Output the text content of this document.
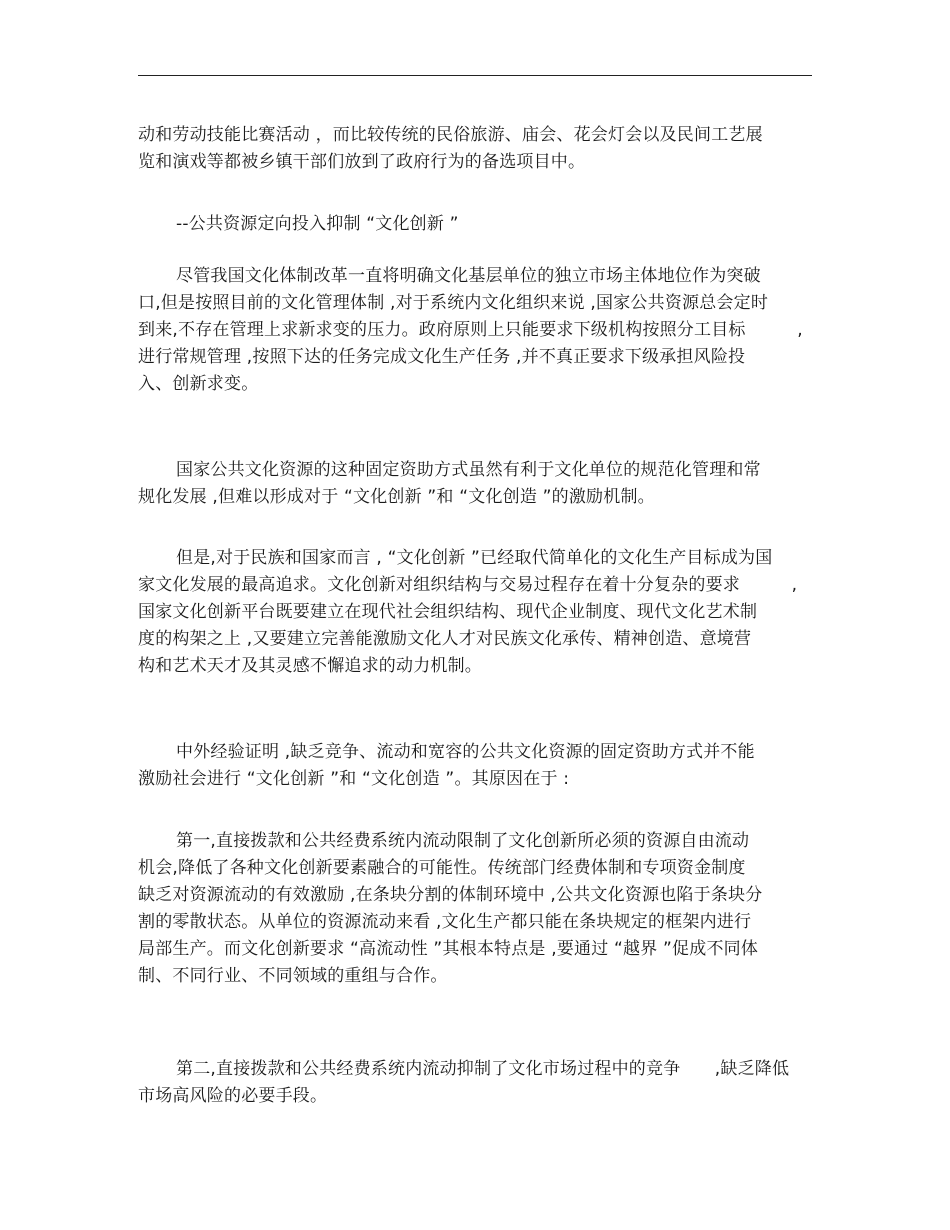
动和劳动技能比赛活动 ，而比较传统的民俗旅游、庙会、花会灯会以及民间工艺展
览和演戏等都被乡镇干部们放到了政府行为的备选项目中。
--公共资源定向投入抑制 “文化创新 ”
尽管我国文化体制改革一直将明确文化基层单位的独立市场主体地位作为突破
口,但是按照目前的文化管理体制 ,对于系统内文化组织来说 ,国家公共资源总会定时
到来,不存在管理上求新求变的压力。政府原则上只能要求下级机构按照分工目标　　　,
进行常规管理 ,按照下达的任务完成文化生产任务 ,并不真正要求下级承担风险投
入、创新求变。
国家公共文化资源的这种固定资助方式虽然有利于文化单位的规范化管理和常
规化发展 ,但难以形成对于 “文化创新 ”和 “文化创造 ”的激励机制。
但是,对于民族和国家而言 , “文化创新 ”已经取代简单化的文化生产目标成为国
家文化发展的最高追求。文化创新对组织结构与交易过程存在着十分复杂的要求　　　,
国家文化创新平台既要建立在现代社会组织结构、现代企业制度、现代文化艺术制
度的构架之上 ,又要建立完善能激励文化人才对民族文化承传、精神创造、意境营
构和艺术天才及其灵感不懈追求的动力机制。
中外经验证明 ,缺乏竞争、流动和宽容的公共文化资源的固定资助方式并不能
激励社会进行 “文化创新 ”和 “文化创造 ”。其原因在于 :
第一,直接拨款和公共经费系统内流动限制了文化创新所必须的资源自由流动
机会,降低了各种文化创新要素融合的可能性。传统部门经费体制和专项资金制度
缺乏对资源流动的有效激励 ,在条块分割的体制环境中 ,公共文化资源也陷于条块分
割的零散状态。从单位的资源流动来看 ,文化生产都只能在条块规定的框架内进行
局部生产。而文化创新要求 “高流动性 ”其根本特点是 ,要通过 “越界 ”促成不同体
制、不同行业、不同领域的重组与合作。
第二,直接拨款和公共经费系统内流动抑制了文化市场过程中的竞争　　,缺乏降低
市场高风险的必要手段。
